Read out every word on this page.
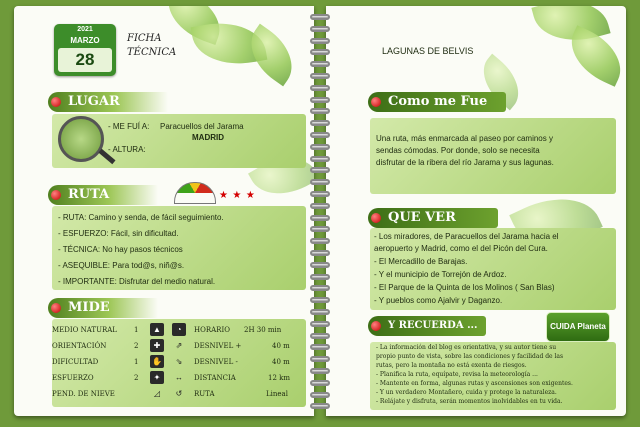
2021
MARZO
28
FICHA
TÉCNICA
LUGAR
- ME FUÍ A: Paracuellos del Jarama
MADRID
- ALTURA:
RUTA	★ ★ ★
- RUTA: Camino y senda, de fácil seguimiento.
- ESFUERZO: Fácil, sin dificultad.
- TÉCNICA: No hay pasos técnicos
- ASEQUIBLE: Para tod@s, niñ@s.
- IMPORTANTE: Disfrutar del medio natural.
MIDE
MEDIO NATURAL 1	▲	◔	HORARIO 2H 30 min
ORIENTACIÓN	2	✚	⇗	DESNIVEL +	40 m
DIFICULTAD	1 ✋	⇘	DESNIVEL -	40 m
ESFUERZO	2	✦	↔	DISTANCIA	12 km
PEND. DE NIEVE	◿	↺	RUTA	Lineal
LAGUNAS DE BELVIS
Como me Fue
Una ruta, más enmarcada al paseo por caminos y
sendas cómodas. Por donde, solo se necesita
disfrutar de la ribera del río Jarama y sus lagunas.
QUE VER
- Los miradores, de Paracuellos del Jarama hacia el
aeropuerto y Madrid, como el del Picón del Cura.
- El Mercadillo de Barajas.
- Y el municipio de Torrejón de Ardoz.
- El Parque de la Quinta de los Molinos ( San Blas)
- Y pueblos como Ajalvir y Daganzo.
Y RECUERDA ...	CUIDA Planeta
- La información del blog es orientativa, y su autor tiene su
propio punto de vista, sobre las condiciones y facilidad de las
rutas, pero la montaña no está exenta de riesgos.
- Planifica la ruta, equípate, revisa la meteorología ...
- Mantente en forma, algunas rutas y ascensiones son exigentes.
- Y un verdadero Montañero, cuida y protege la naturaleza.
- Relájate y disfruta, serán momentos inolvidables en tu vida.
